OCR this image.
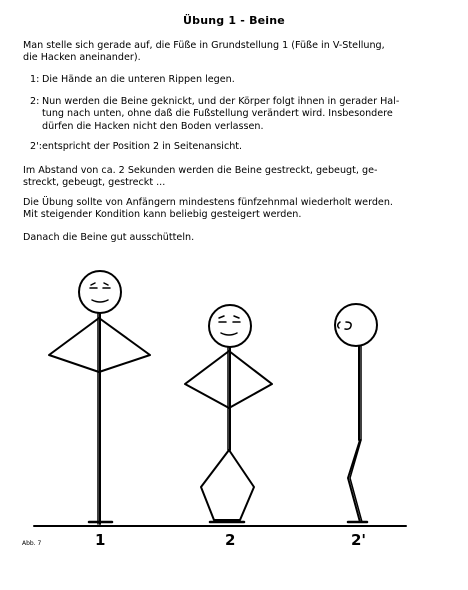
Übung 1 - Beine
Man stelle sich gerade auf, die Füße in Grundstellung 1 (Füße in V-Stellung,
die Hacken aneinander).
1: Die Hände an die unteren Rippen legen.
2: Nun werden die Beine geknickt, und der Körper folgt ihnen in gerader Hal-
tung nach unten, ohne daß die Fußstellung verändert wird. Insbesondere
dürfen die Hacken nicht den Boden verlassen.
2':entspricht der Position 2 in Seitenansicht.
Im Abstand von ca. 2 Sekunden werden die Beine gestreckt, gebeugt, ge-
streckt, gebeugt, gestreckt ...
Die Übung sollte von Anfängern mindestens fünfzehnmal wiederholt werden.
Mit steigender Kondition kann beliebig gesteigert werden.
Danach die Beine gut ausschütteln.
Abb. 7	1	2	2'
